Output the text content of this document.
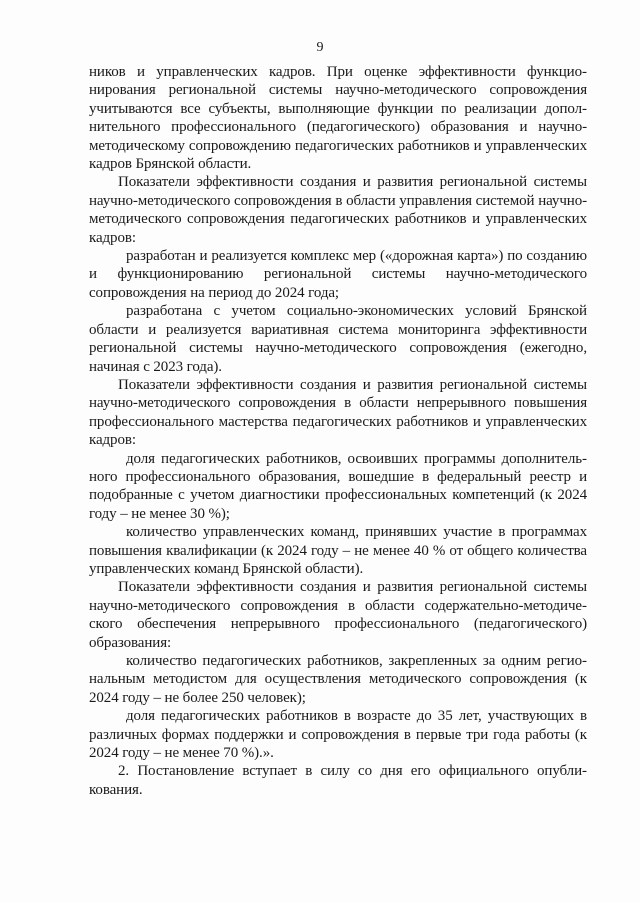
9

ников и управленческих кадров. При оценке эффективности функционирования региональной системы научно-методического сопровождения учитываются все субъекты, выполняющие функции по реализации дополнительного профессионального (педагогического) образования и научно-методическому сопровождению педагогических работников и управленческих кадров Брянской области.

Показатели эффективности создания и развития региональной системы научно-методического сопровождения в области управления системой научно-методического сопровождения педагогических работников и управленческих кадров:

разработан и реализуется комплекс мер («дорожная карта») по созданию и функционированию региональной системы научно-методического сопровождения на период до 2024 года;

разработана с учетом социально-экономических условий Брянской области и реализуется вариативная система мониторинга эффективности региональной системы научно-методического сопровождения (ежегодно, начиная с 2023 года).

Показатели эффективности создания и развития региональной системы научно-методического сопровождения в области непрерывного повышения профессионального мастерства педагогических работников и управленческих кадров:

доля педагогических работников, освоивших программы дополнительного профессионального образования, вошедшие в федеральный реестр и подобранные с учетом диагностики профессиональных компетенций (к 2024 году – не менее 30 %);

количество управленческих команд, принявших участие в программах повышения квалификации (к 2024 году – не менее 40 % от общего количества управленческих команд Брянской области).

Показатели эффективности создания и развития региональной системы научно-методического сопровождения в области содержательно-методического обеспечения непрерывного профессионального (педагогического) образования:

количество педагогических работников, закрепленных за одним региональным методистом для осуществления методического сопровождения (к 2024 году – не более 250 человек);

доля педагогических работников в возрасте до 35 лет, участвующих в различных формах поддержки и сопровождения в первые три года работы (к 2024 году – не менее 70 %).».

2. Постановление вступает в силу со дня его официального опубликования.
